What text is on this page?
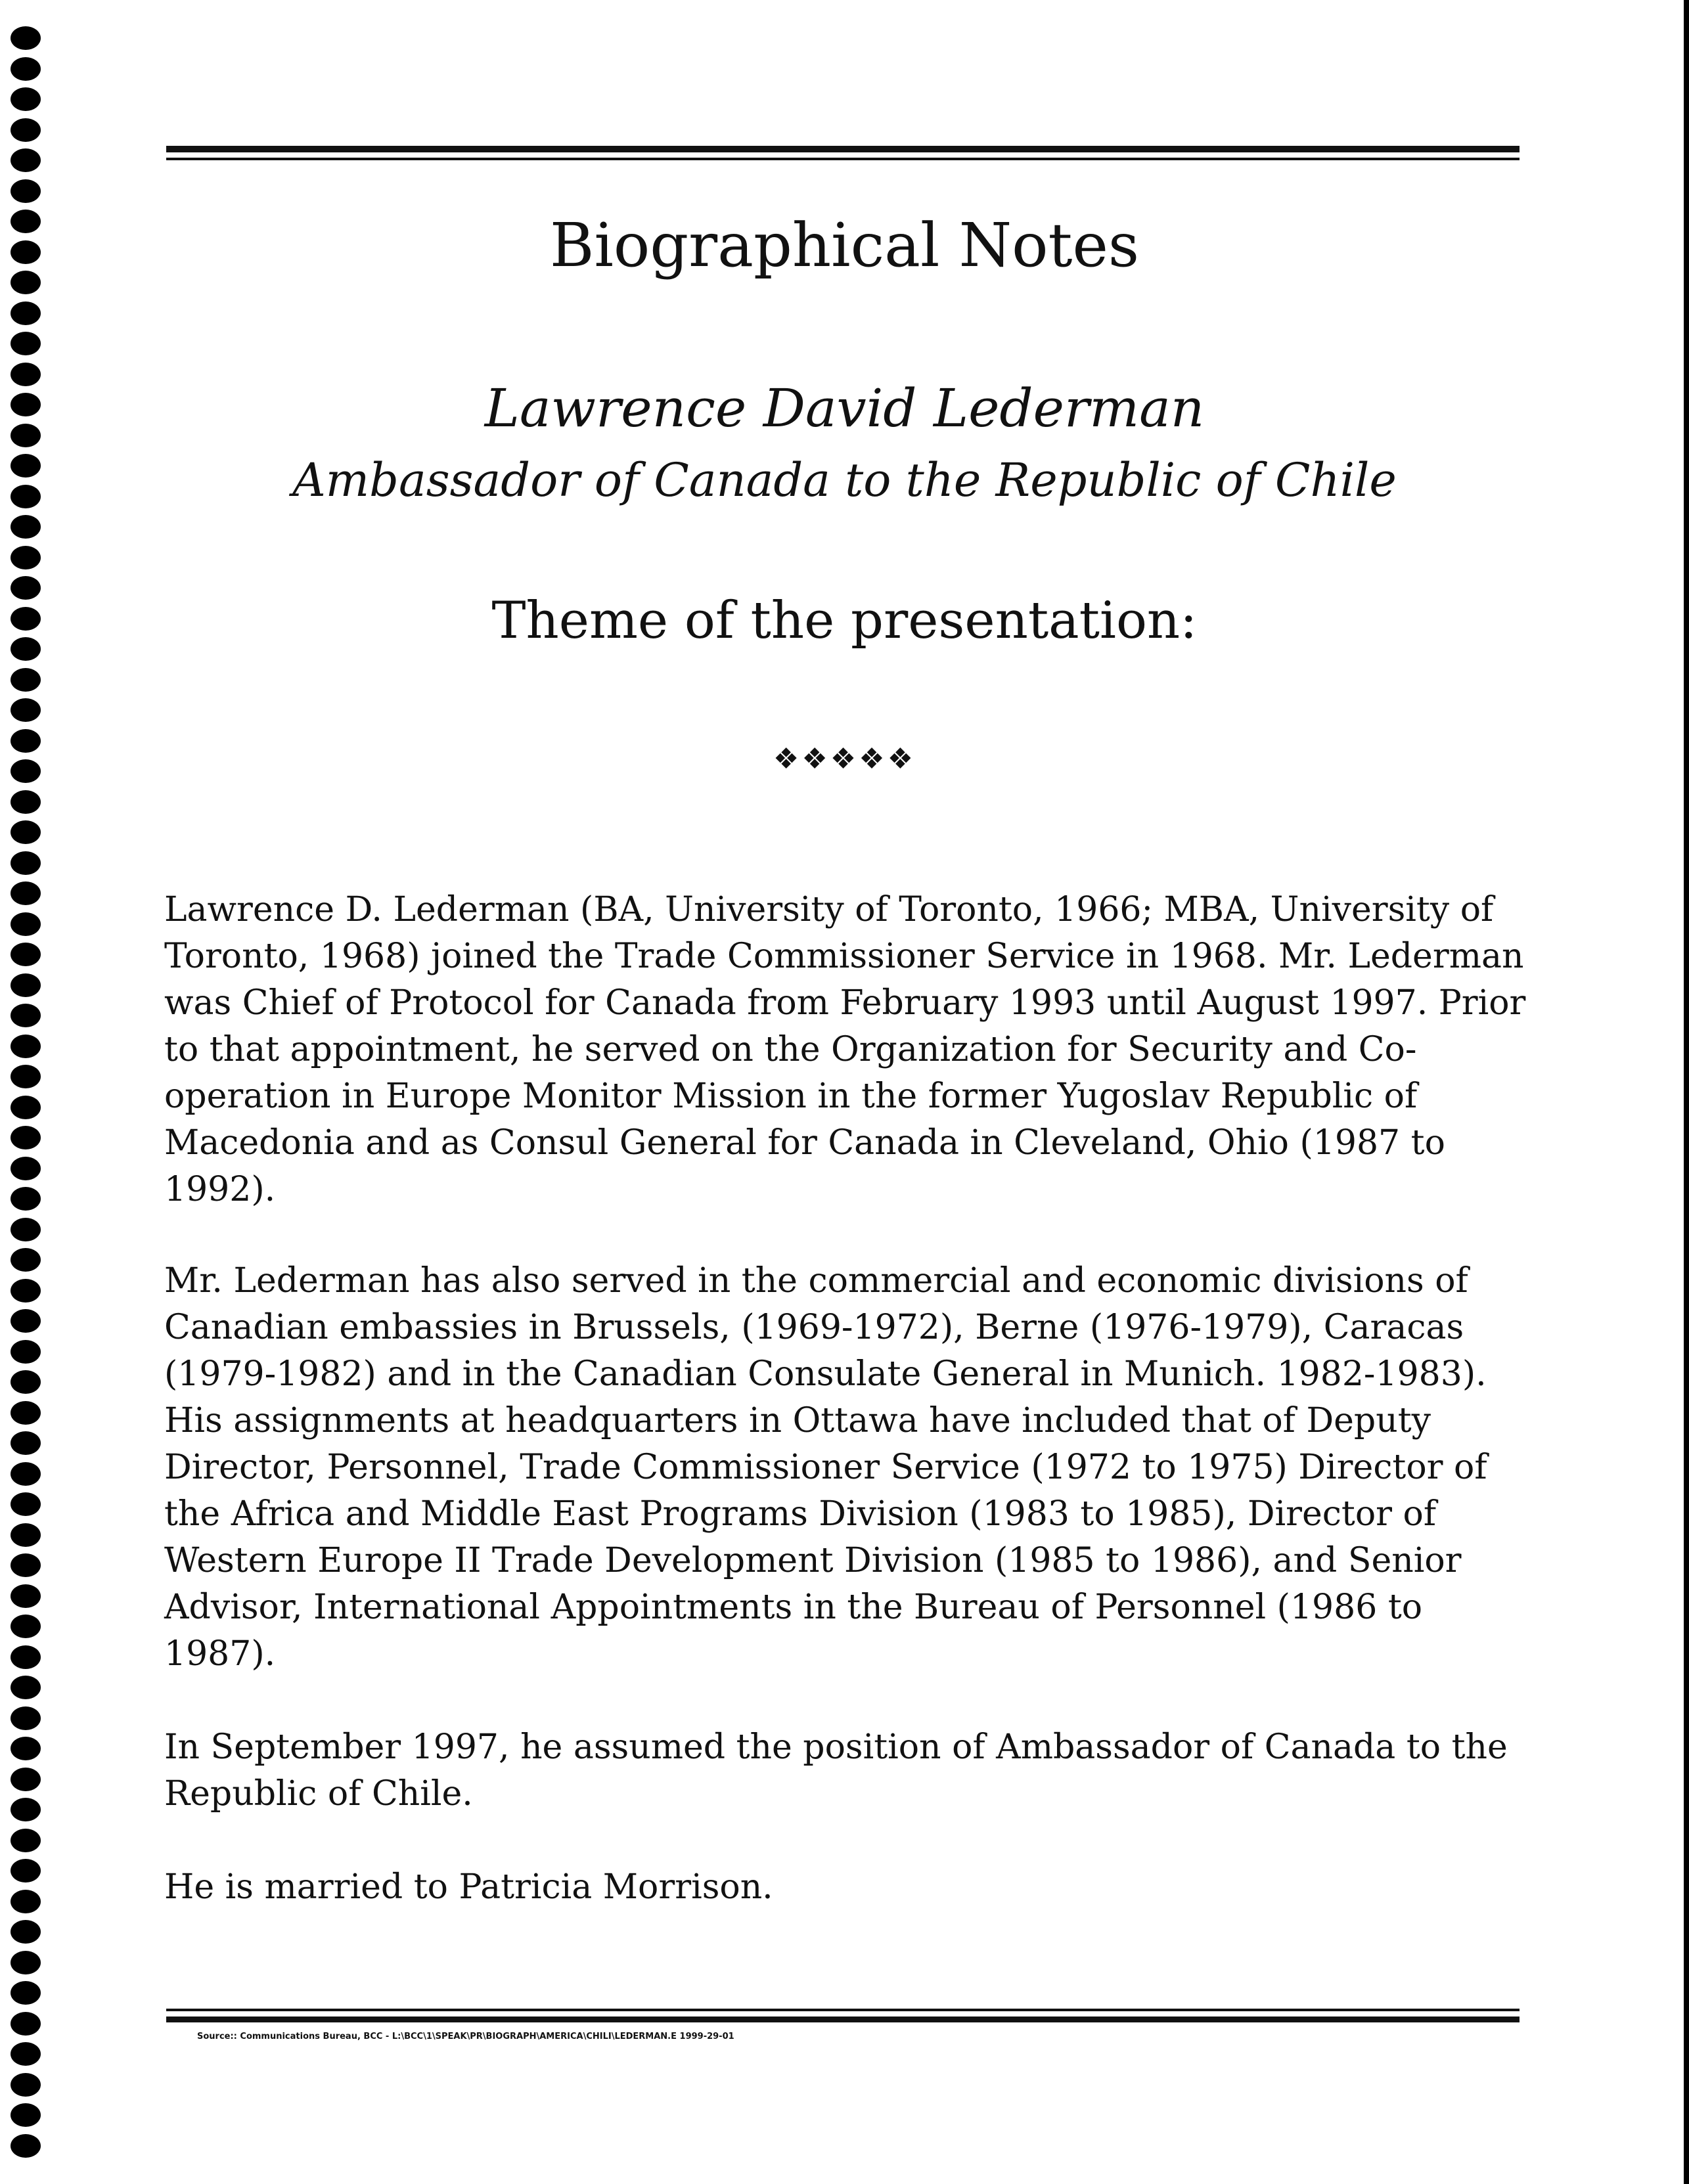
Biographical Notes
Lawrence David Lederman
Ambassador of Canada to the Republic of Chile
Theme of the presentation:
❖❖❖❖❖

Lawrence D. Lederman (BA, University of Toronto, 1966; MBA, University of Toronto, 1968) joined the Trade Commissioner Service in 1968. Mr. Lederman was Chief of Protocol for Canada from February 1993 until August 1997. Prior to that appointment, he served on the Organization for Security and Co-operation in Europe Monitor Mission in the former Yugoslav Republic of Macedonia and as Consul General for Canada in Cleveland, Ohio (1987 to 1992).

Mr. Lederman has also served in the commercial and economic divisions of Canadian embassies in Brussels, (1969-1972), Berne (1976-1979), Caracas (1979-1982) and in the Canadian Consulate General in Munich. 1982-1983). His assignments at headquarters in Ottawa have included that of Deputy Director, Personnel, Trade Commissioner Service (1972 to 1975) Director of the Africa and Middle East Programs Division (1983 to 1985), Director of Western Europe II Trade Development Division (1985 to 1986), and Senior Advisor, International Appointments in the Bureau of Personnel (1986 to 1987).

In September 1997, he assumed the position of Ambassador of Canada to the Republic of Chile.

He is married to Patricia Morrison.

Source:: Communications Bureau, BCC - L:\BCC\1\SPEAK\PR\BIOGRAPH\AMERICA\CHILI\LEDERMAN.E 1999-29-01
